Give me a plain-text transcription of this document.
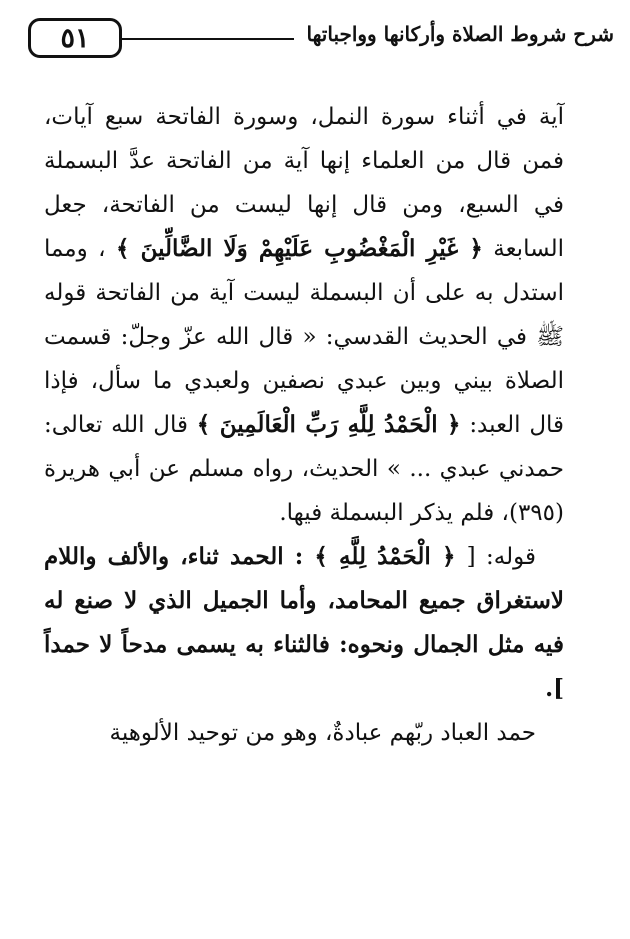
٥١	شرح شروط الصلاة وأركانها وواجباتها

آية في أثناء سورة النمل، وسورة الفاتحة سبع آيات، فمن قال من العلماء إنها آية من الفاتحة عدَّ البسملة في السبع، ومن قال إنها ليست من الفاتحة، جعل السابعة ﴿ غَيْرِ الْمَغْضُوبِ عَلَيْهِمْ وَلَا الضَّالِّينَ ﴾ ، ومما استدل به على أن البسملة ليست آية من الفاتحة قوله ﷺ في الحديث القدسي: « قال الله عزّ وجلّ: قسمت الصلاة بيني وبين عبدي نصفين ولعبدي ما سأل، فإذا قال العبد: ﴿ الْحَمْدُ لِلَّهِ رَبِّ الْعَالَمِينَ ﴾ قال الله تعالى: حمدني عبدي ... » الحديث، رواه مسلم عن أبي هريرة (٣٩٥)، فلم يذكر البسملة فيها.

قوله: [ ﴿ الْحَمْدُ لِلَّهِ ﴾ : الحمد ثناء، والألف واللام لاستغراق جميع المحامد، وأما الجميل الذي لا صنع له فيه مثل الجمال ونحوه: فالثناء به يسمى مدحاً لا حمداً ].

حمد العباد ربّهم عبادةٌ، وهو من توحيد الألوهية
